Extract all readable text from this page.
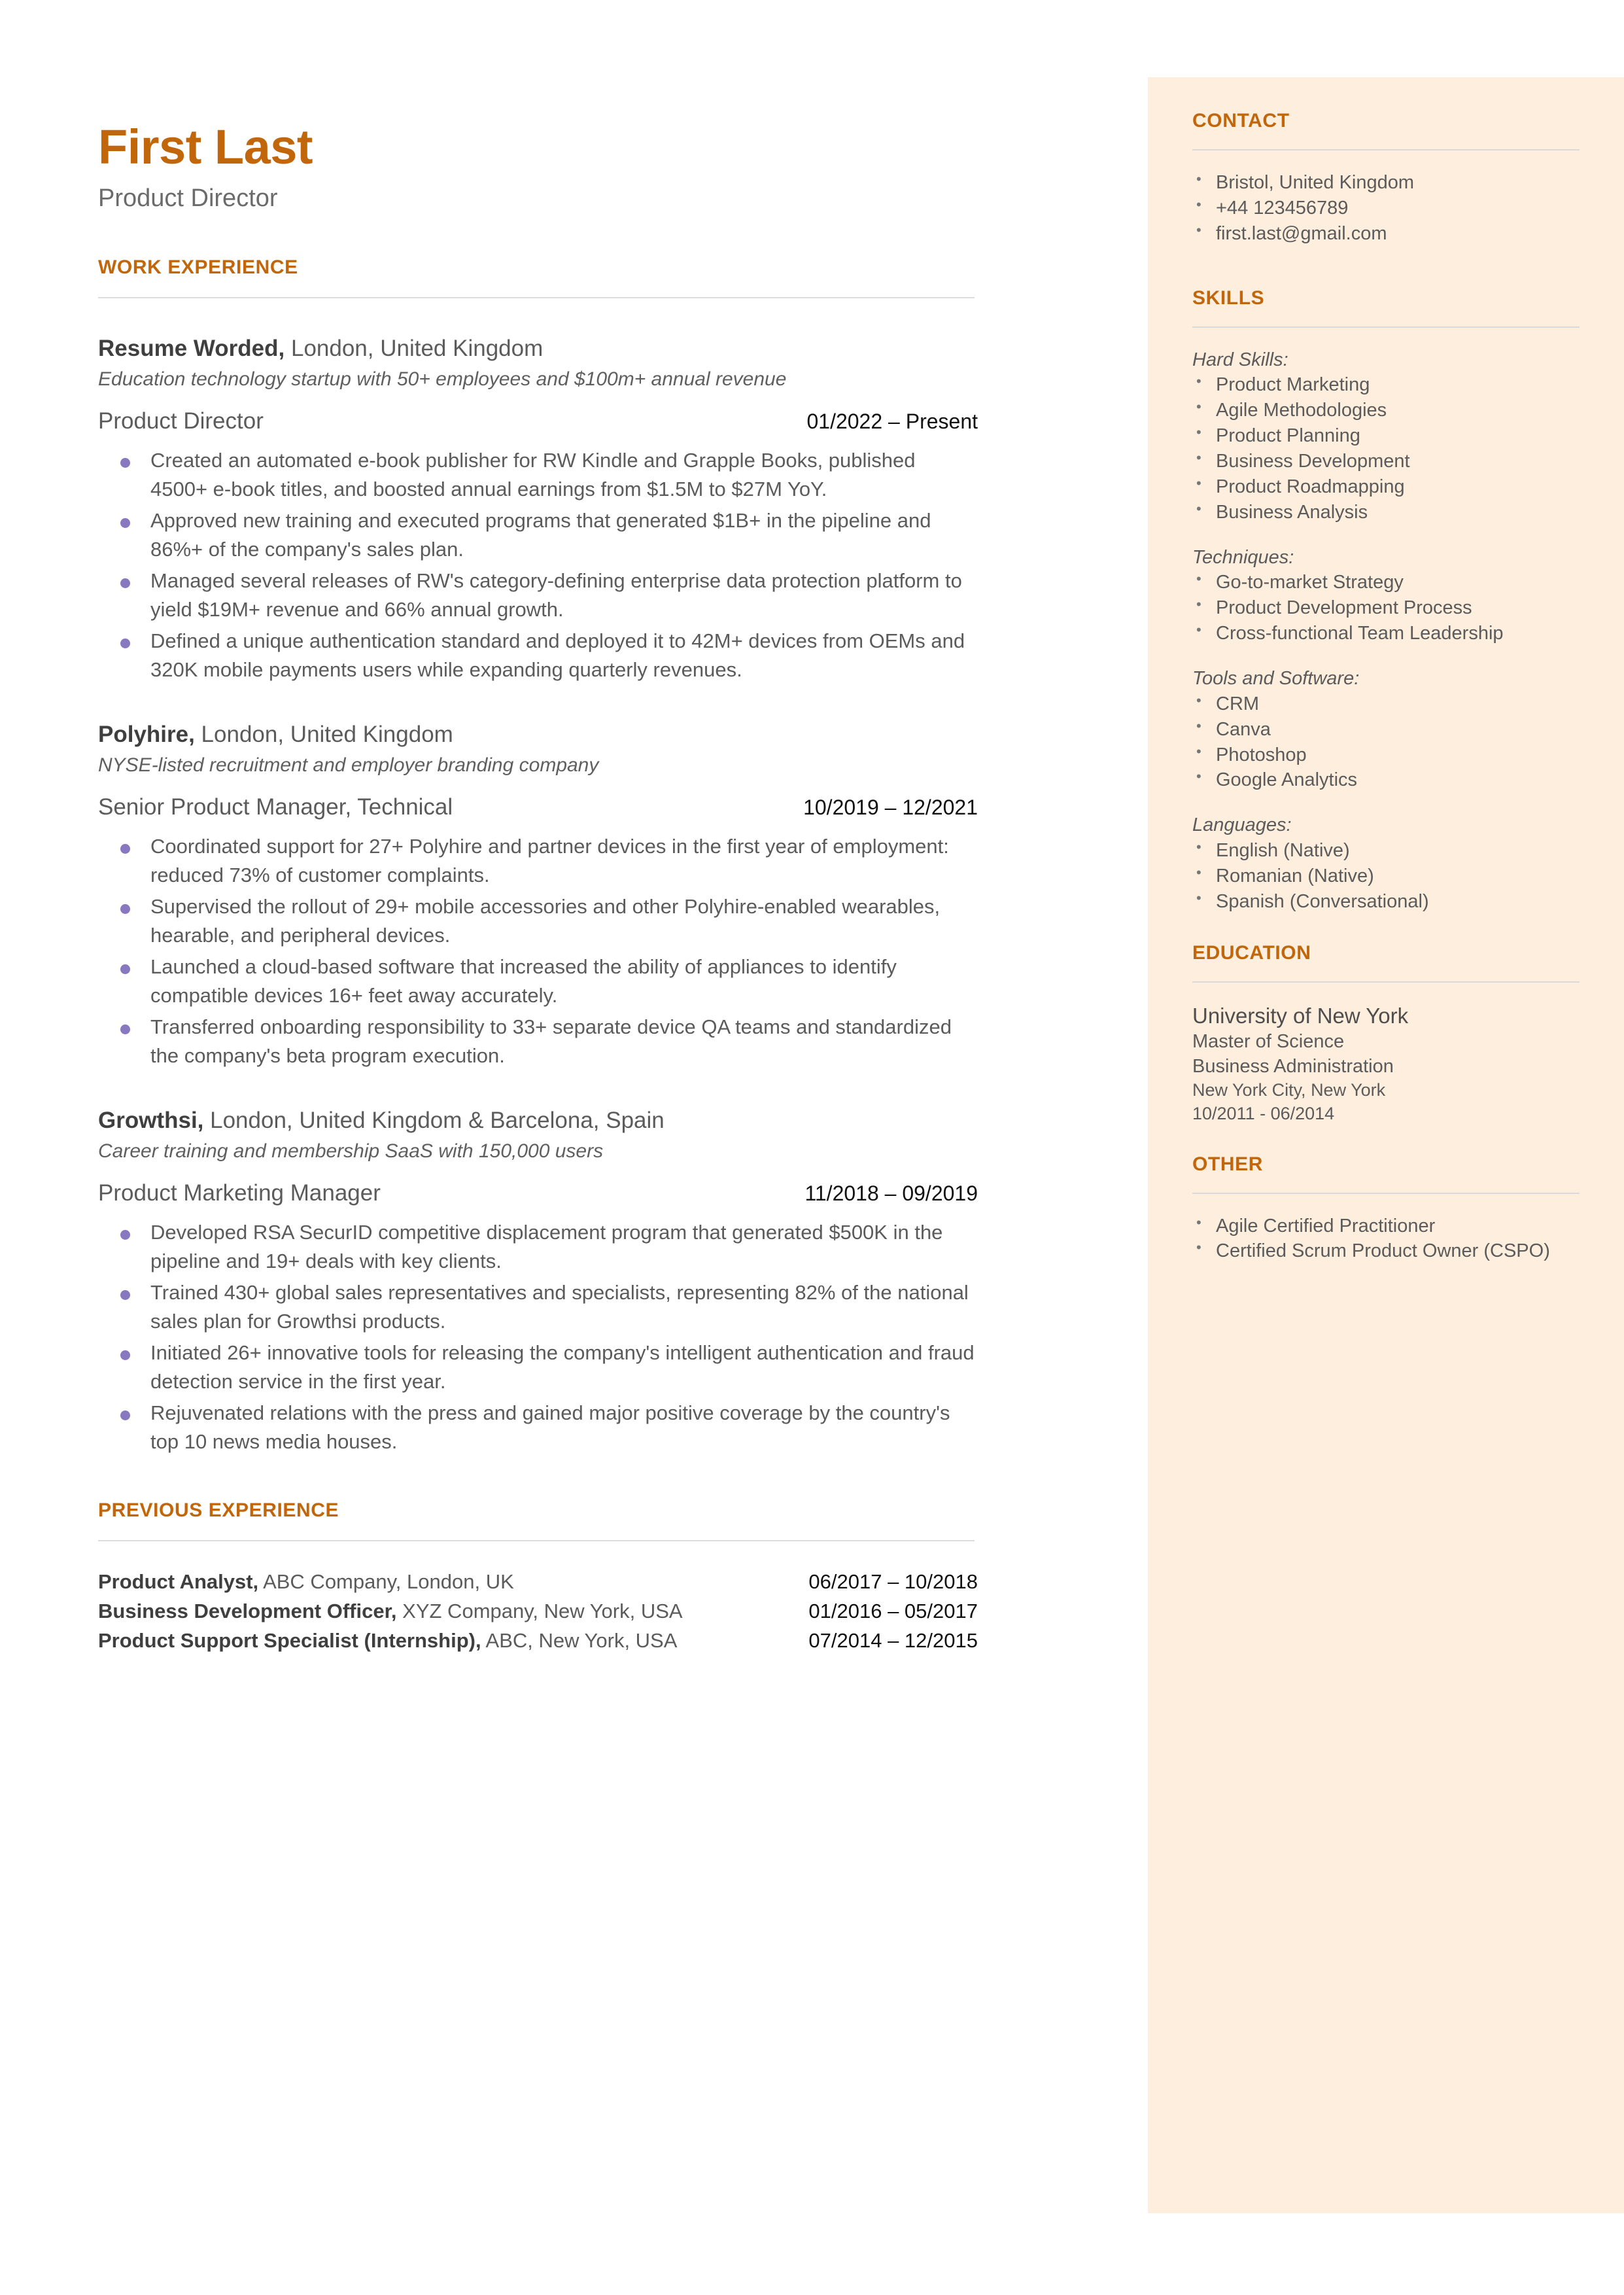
CONTACT
• Bristol, United Kingdom
• +44 123456789
• first.last@gmail.com
SKILLS
Hard Skills:
• Product Marketing
• Agile Methodologies
• Product Planning
• Business Development
• Product Roadmapping
• Business Analysis
Techniques:
• Go-to-market Strategy
• Product Development Process
• Cross-functional Team Leadership
Tools and Software:
• CRM
• Canva
• Photoshop
• Google Analytics
Languages:
• English (Native)
• Romanian (Native)
• Spanish (Conversational)
EDUCATION
University of New York
Master of Science
Business Administration
New York City, New York
10/2011 - 06/2014
OTHER
• Agile Certified Practitioner
• Certified Scrum Product Owner (CSPO)
First Last
Product Director
WORK EXPERIENCE
Resume Worded, London, United Kingdom
Education technology startup with 50+ employees and $100m+ annual revenue
Product Director	01/2022 – Present
Created an automated e-book publisher for RW Kindle and Grapple Books, published 4500+ e-book titles, and boosted annual earnings from $1.5M to $27M YoY.
Approved new training and executed programs that generated $1B+ in the pipeline and 86%+ of the company's sales plan.
Managed several releases of RW's category-defining enterprise data protection platform to yield $19M+ revenue and 66% annual growth.
Defined a unique authentication standard and deployed it to 42M+ devices from OEMs and 320K mobile payments users while expanding quarterly revenues.
Polyhire, London, United Kingdom
NYSE-listed recruitment and employer branding company
Senior Product Manager, Technical	10/2019 – 12/2021
Coordinated support for 27+ Polyhire and partner devices in the first year of employment: reduced 73% of customer complaints.
Supervised the rollout of 29+ mobile accessories and other Polyhire-enabled wearables, hearable, and peripheral devices.
Launched a cloud-based software that increased the ability of appliances to identify compatible devices 16+ feet away accurately.
Transferred onboarding responsibility to 33+ separate device QA teams and standardized the company's beta program execution.
Growthsi, London, United Kingdom & Barcelona, Spain
Career training and membership SaaS with 150,000 users
Product Marketing Manager	11/2018 – 09/2019
Developed RSA SecurID competitive displacement program that generated $500K in the pipeline and 19+ deals with key clients.
Trained 430+ global sales representatives and specialists, representing 82% of the national sales plan for Growthsi products.
Initiated 26+ innovative tools for releasing the company's intelligent authentication and fraud detection service in the first year.
Rejuvenated relations with the press and gained major positive coverage by the country's top 10 news media houses.
PREVIOUS EXPERIENCE
Product Analyst, ABC Company, London, UK	06/2017 – 10/2018
Business Development Officer, XYZ Company, New York, USA	01/2016 – 05/2017
Product Support Specialist (Internship), ABC, New York, USA	07/2014 – 12/2015
